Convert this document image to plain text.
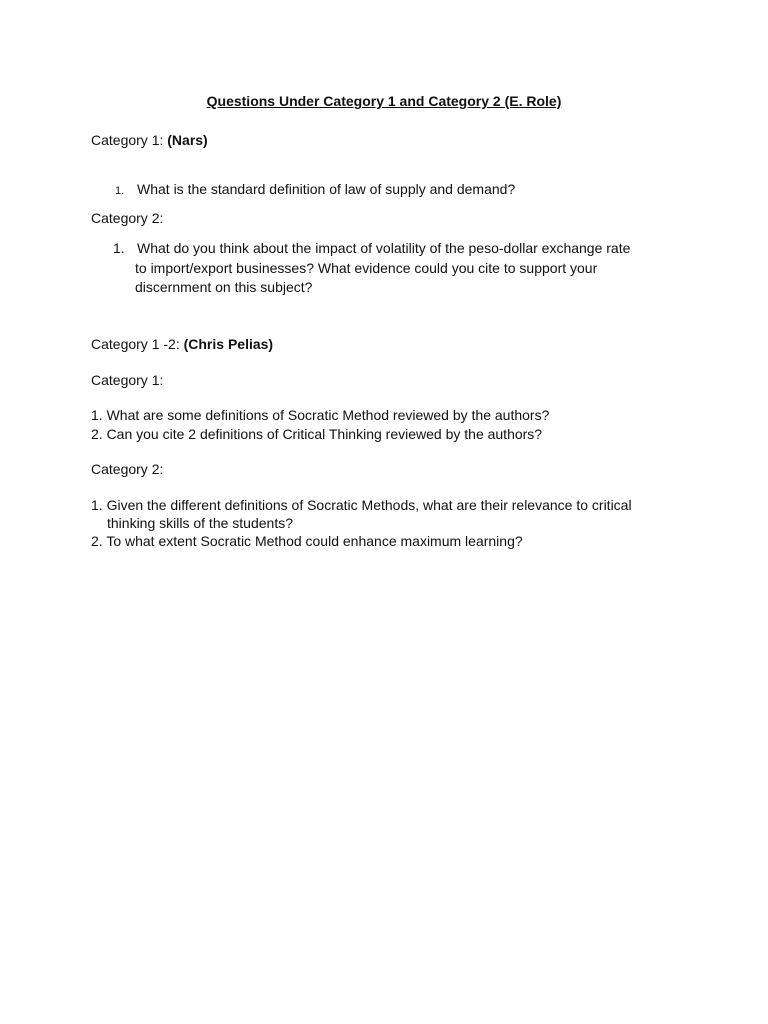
Questions Under Category 1 and Category 2 (E. Role)
Category 1: (Nars)
1. What is the standard definition of law of supply and demand?
Category 2:
1. What do you think about the impact of volatility of the peso-dollar exchange rate
to import/export businesses? What evidence could you cite to support your
discernment on this subject?
Category 1 -2: (Chris Pelias)
Category 1:
1. What are some definitions of Socratic Method reviewed by the authors?
2. Can you cite 2 definitions of Critical Thinking reviewed by the authors?
Category 2:
1. Given the different definitions of Socratic Methods, what are their relevance to critical
thinking skills of the students?
2. To what extent Socratic Method could enhance maximum learning?
